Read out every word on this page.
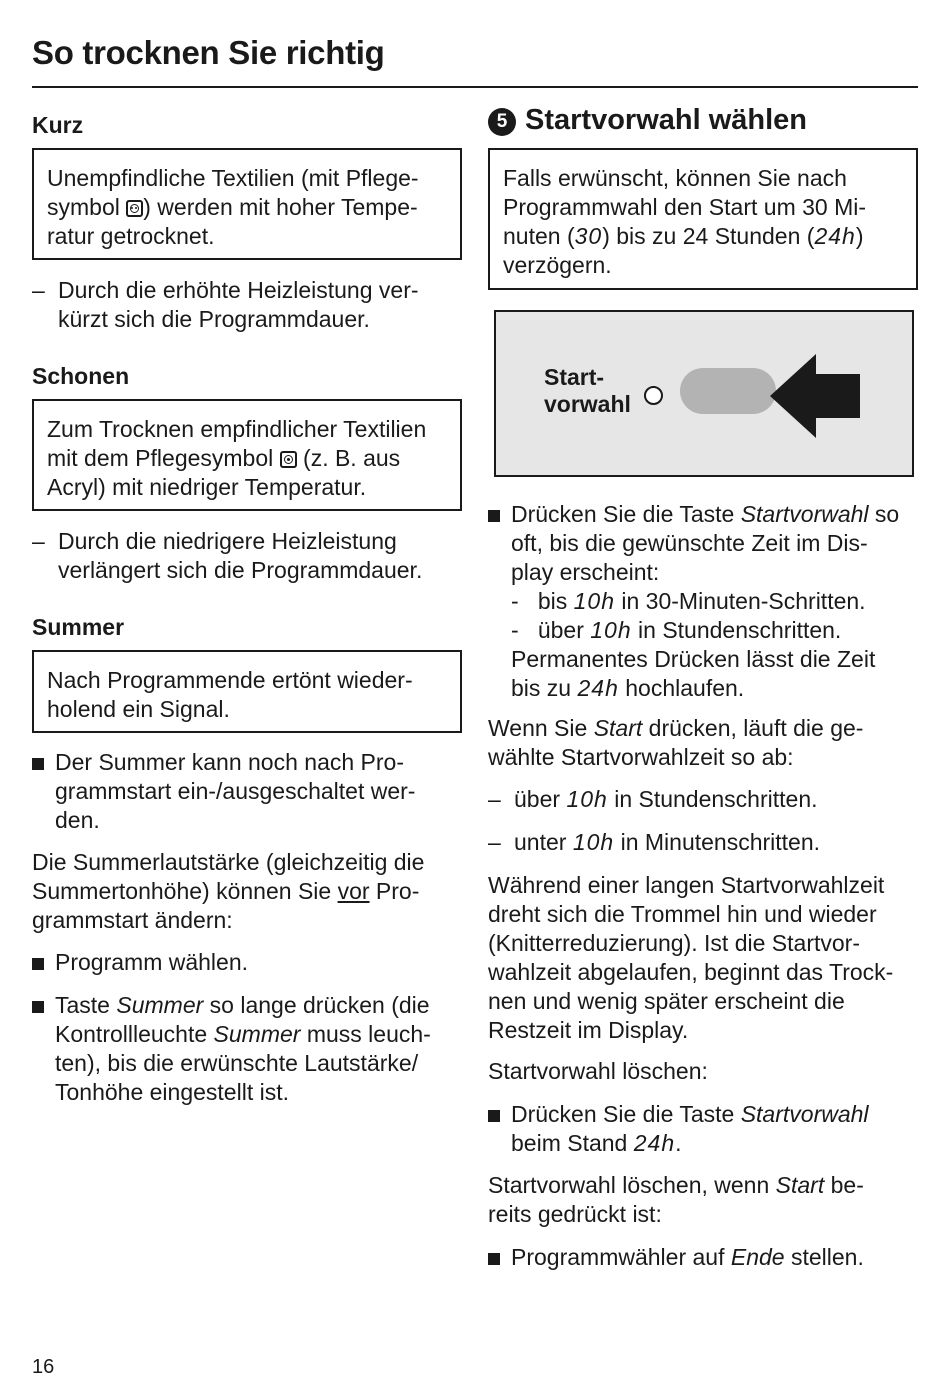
So trocknen Sie richtig
Kurz
Unempfindliche Textilien (mit Pflege-
symbol
) werden mit hoher Tempe-
ratur getrocknet.
– Durch die erhöhte Heizleistung ver-
kürzt sich die Programmdauer.
Schonen
Zum Trocknen empfindlicher Textilien
mit dem Pflegesymbol
(z. B. aus
Acryl) mit niedriger Temperatur.
– Durch die niedrigere Heizleistung
verlängert sich die Programmdauer.
Summer
Nach Programmende ertönt wieder-
holend ein Signal.
Der Summer kann noch nach Pro-
grammstart ein-/ausgeschaltet wer-
den.
Die Summerlautstärke (gleichzeitig die
Summertonhöhe) können Sie vor Pro-
grammstart ändern:
Programm wählen.
Taste Summer so lange drücken (die
Kontrollleuchte Summer muss leuch-
ten), bis die erwünschte Lautstärke/
Tonhöhe eingestellt ist.
5 Startvorwahl wählen
Falls erwünscht, können Sie nach
Programmwahl den Start um 30 Mi-
nuten (30) bis zu 24 Stunden (24h)
verzögern.
Start-
vorwahl
Drücken Sie die Taste Startvorwahl so
oft, bis die gewünschte Zeit im Dis-
play erscheint:
-   bis 10h in 30-Minuten-Schritten.
-   über 10h in Stundenschritten.
Permanentes Drücken lässt die Zeit
bis zu 24h hochlaufen.
Wenn Sie Start drücken, läuft die ge-
wählte Startvorwahlzeit so ab:
– über 10h in Stundenschritten.
– unter 10h in Minutenschritten.
Während einer langen Startvorwahlzeit
dreht sich die Trommel hin und wieder
(Knitterreduzierung). Ist die Startvor-
wahlzeit abgelaufen, beginnt das Trock-
nen und wenig später erscheint die
Restzeit im Display.
Startvorwahl löschen:
Drücken Sie die Taste Startvorwahl
beim Stand 24h.
Startvorwahl löschen, wenn Start be-
reits gedrückt ist:
Programmwähler auf Ende stellen.
16
